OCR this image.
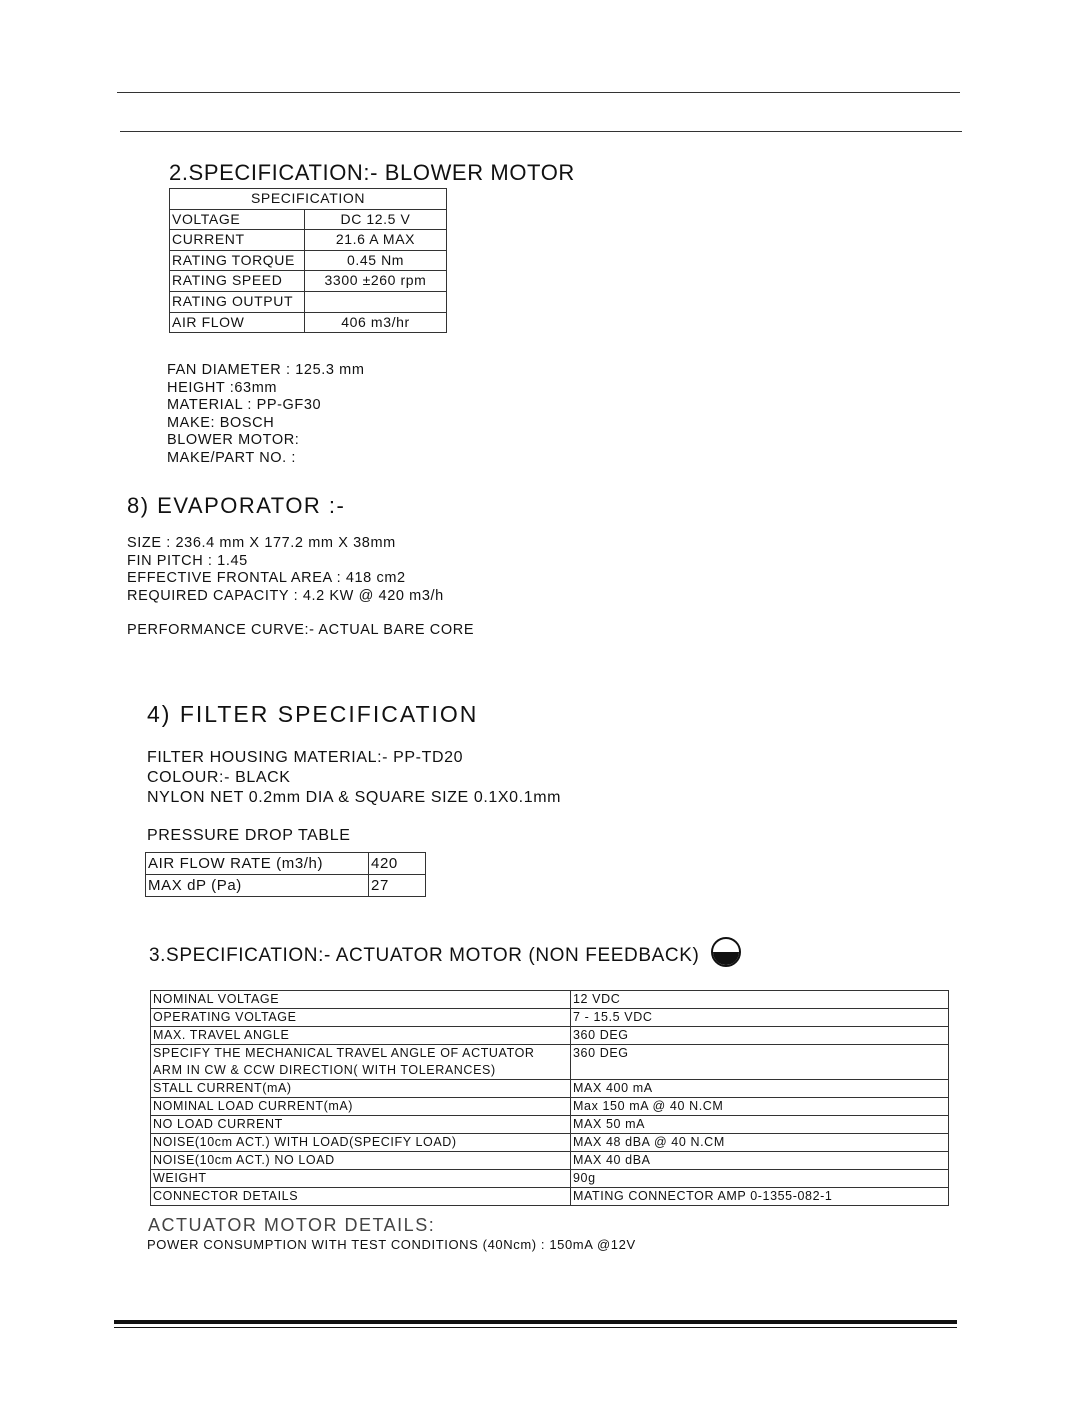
2.SPECIFICATION:- BLOWER MOTOR
SPECIFICATION	
VOLTAGE	DC 12.5 V
CURRENT	21.6 A MAX
RATING TORQUE	0.45 Nm
RATING SPEED	3300 ±260 rpm
RATING OUTPUT	
AIR FLOW	406 m3/hr

FAN DIAMETER : 125.3 mm

HEIGHT :63mm

MATERIAL : PP-GF30

MAKE: BOSCH

BLOWER MOTOR:

MAKE/PART NO. :

8) EVAPORATOR :-

SIZE : 236.4 mm X 177.2 mm X 38mm

FIN PITCH : 1.45

EFFECTIVE FRONTAL AREA : 418 cm2

REQUIRED CAPACITY : 4.2 KW @ 420 m3/h

PERFORMANCE CURVE:- ACTUAL BARE CORE
4) FILTER SPECIFICATION

FILTER HOUSING MATERIAL:- PP-TD20

COLOUR:- BLACK

NYLON NET 0.2mm DIA & SQUARE SIZE 0.1X0.1mm

PRESSURE DROP TABLE
AIR FLOW RATE (m3/h)	420
MAX dP (Pa)	27
3.SPECIFICATION:- ACTUATOR MOTOR (NON FEEDBACK)
NOMINAL VOLTAGE	12 VDC
OPERATING VOLTAGE	7 - 15.5 VDC
MAX. TRAVEL ANGLE	360 DEG

SPECIFY THE MECHANICAL TRAVEL ANGLE OF ACTUATOR
ARM IN CW & CCW DIRECTION( WITH TOLERANCES)	360 DEG
STALL CURRENT(mA)	MAX 400 mA
NOMINAL LOAD CURRENT(mA)	Max 150 mA @ 40 N.CM
NO LOAD CURRENT	MAX 50 mA
NOISE(10cm ACT.) WITH LOAD(SPECIFY LOAD)	MAX 48 dBA @ 40 N.CM
NOISE(10cm ACT.) NO LOAD	MAX 40 dBA
WEIGHT	90g
CONNECTOR DETAILS	MATING CONNECTOR AMP 0-1355-082-1
ACTUATOR MOTOR DETAILS:
POWER CONSUMPTION WITH TEST CONDITIONS (40Ncm) : 150mA @12V
